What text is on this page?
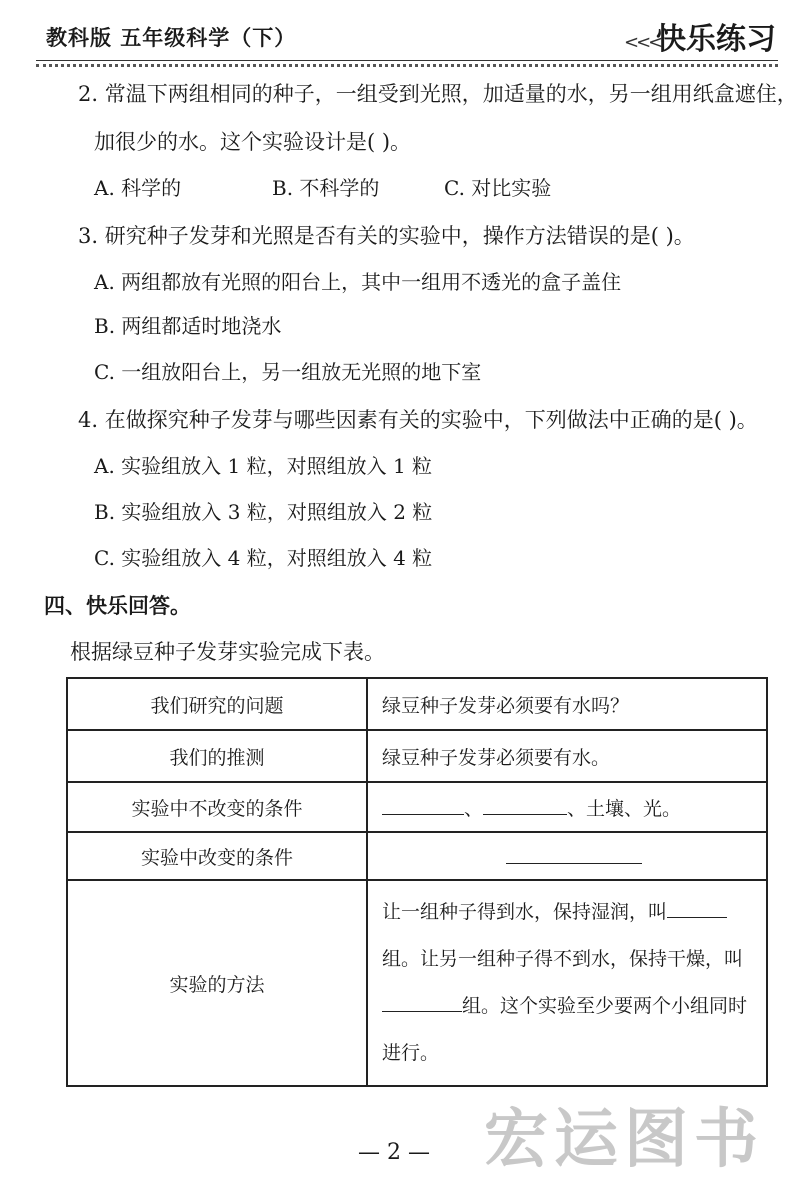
教科版 五年级科学（下）	<<<
快乐练习
2. 常温下两组相同的种子，一组受到光照，加适量的水，另一组用纸盒遮住，
加很少的水。这个实验设计是( )。
A. 科学的	B. 不科学的	C. 对比实验
3. 研究种子发芽和光照是否有关的实验中，操作方法错误的是( )。
A. 两组都放有光照的阳台上，其中一组用不透光的盒子盖住
B. 两组都适时地浇水
C. 一组放阳台上，另一组放无光照的地下室
4. 在做探究种子发芽与哪些因素有关的实验中，下列做法中正确的是( )。
A. 实验组放入 1 粒，对照组放入 1 粒
B. 实验组放入 3 粒，对照组放入 2 粒
C. 实验组放入 4 粒，对照组放入 4 粒
四、快乐回答。
根据绿豆种子发芽实验完成下表。
我们研究的问题	绿豆种子发芽必须要有水吗？
我们的推测	绿豆种子发芽必须要有水。
实验中不改变的条件	、 、土壤、光。
实验中改变的条件	
实验的方法	让一组种子得到水，保持湿润，叫
组。让另一组种子得不到水，保持干燥，叫
组。这个实验至少要两个小组同时
进行。
宏运图书
— 2 —
